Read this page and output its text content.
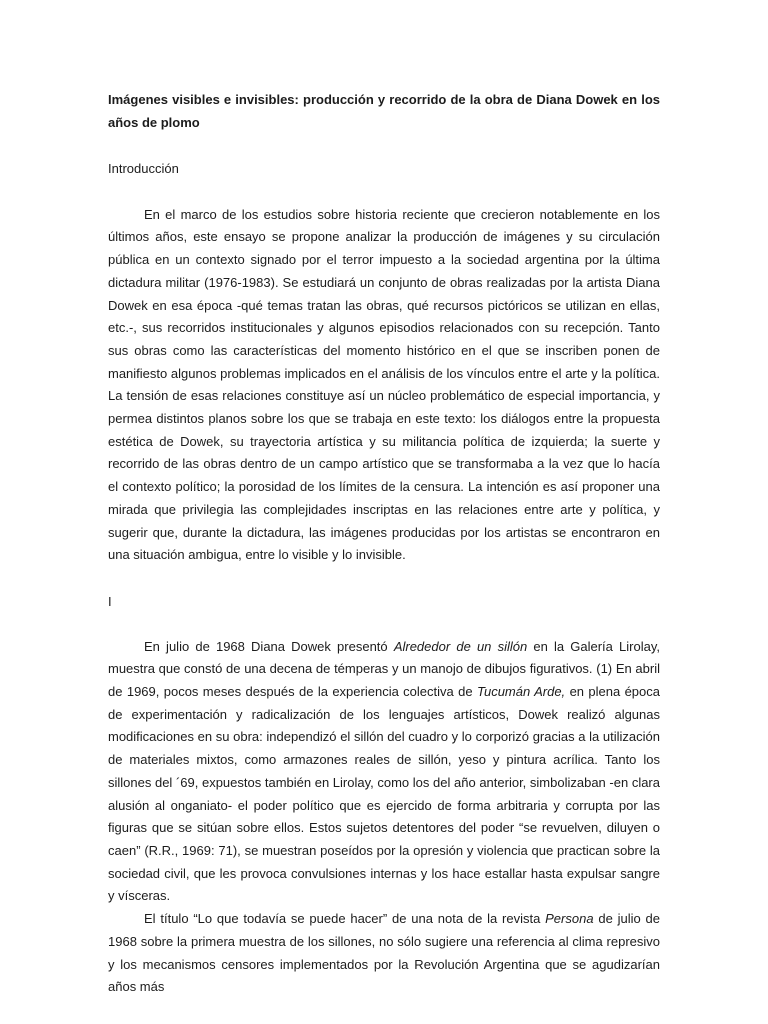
Imágenes visibles e invisibles: producción y recorrido de la obra de Diana Dowek en los años de plomo

Introducción

En el marco de los estudios sobre historia reciente que crecieron notablemente en los últimos años, este ensayo se propone analizar la producción de imágenes y su circulación pública en un contexto signado por el terror impuesto a la sociedad argentina por la última dictadura militar (1976-1983). Se estudiará un conjunto de obras realizadas por la artista Diana Dowek en esa época -qué temas tratan las obras, qué recursos pictóricos se utilizan en ellas, etc.-, sus recorridos institucionales y algunos episodios relacionados con su recepción. Tanto sus obras como las características del momento histórico en el que se inscriben ponen de manifiesto algunos problemas implicados en el análisis de los vínculos entre el arte y la política. La tensión de esas relaciones constituye así un núcleo problemático de especial importancia, y permea distintos planos sobre los que se trabaja en este texto: los diálogos entre la propuesta estética de Dowek, su trayectoria artística y su militancia política de izquierda; la suerte y recorrido de las obras dentro de un campo artístico que se transformaba a la vez que lo hacía el contexto político; la porosidad de los límites de la censura. La intención es así proponer una mirada que privilegia las complejidades inscriptas en las relaciones entre arte y política, y sugerir que, durante la dictadura, las imágenes producidas por los artistas se encontraron en una situación ambigua, entre lo visible y lo invisible.

I

En julio de 1968 Diana Dowek presentó Alrededor de un sillón en la Galería Lirolay, muestra que constó de una decena de témperas y un manojo de dibujos figurativos. (1) En abril de 1969, pocos meses después de la experiencia colectiva de Tucumán Arde, en plena época de experimentación y radicalización de los lenguajes artísticos, Dowek realizó algunas modificaciones en su obra: independizó el sillón del cuadro y lo corporizó gracias a la utilización de materiales mixtos, como armazones reales de sillón, yeso y pintura acrílica. Tanto los sillones del ´69, expuestos también en Lirolay, como los del año anterior, simbolizaban -en clara alusión al onganiato- el poder político que es ejercido de forma arbitraria y corrupta por las figuras que se sitúan sobre ellos. Estos sujetos detentores del poder “se revuelven, diluyen o caen” (R.R., 1969: 71), se muestran poseídos por la opresión y violencia que practican sobre la sociedad civil, que les provoca convulsiones internas y los hace estallar hasta expulsar sangre y vísceras.

El título “Lo que todavía se puede hacer” de una nota de la revista Persona de julio de 1968 sobre la primera muestra de los sillones, no sólo sugiere una referencia al clima represivo y los mecanismos censores implementados por la Revolución Argentina que se agudizarían años más
